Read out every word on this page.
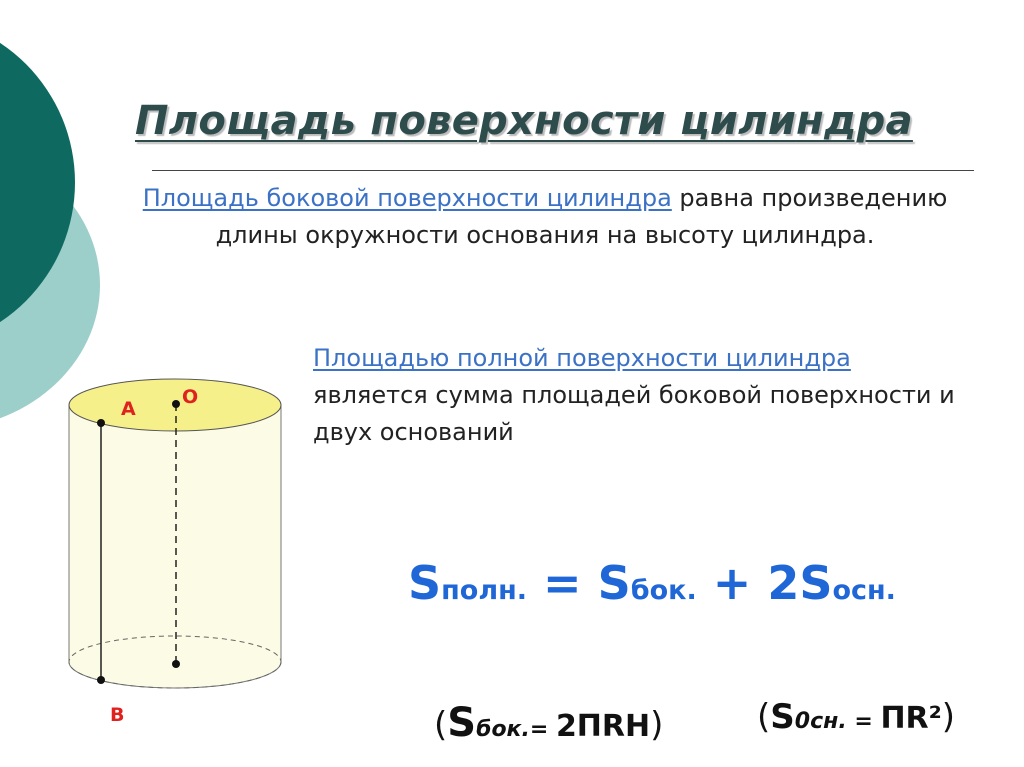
Площадь поверхности цилиндра
Площадь боковой поверхности цилиндра равна произведению длины окружности основания на высоту цилиндра.
Площадью полной поверхности цилиндра является сумма площадей боковой поверхности и двух оснований
Sполн. = Sбок. + 2Sосн.
(Sбок.= 2ПRH)	(S0сн. = ПR²)
А
О
В
